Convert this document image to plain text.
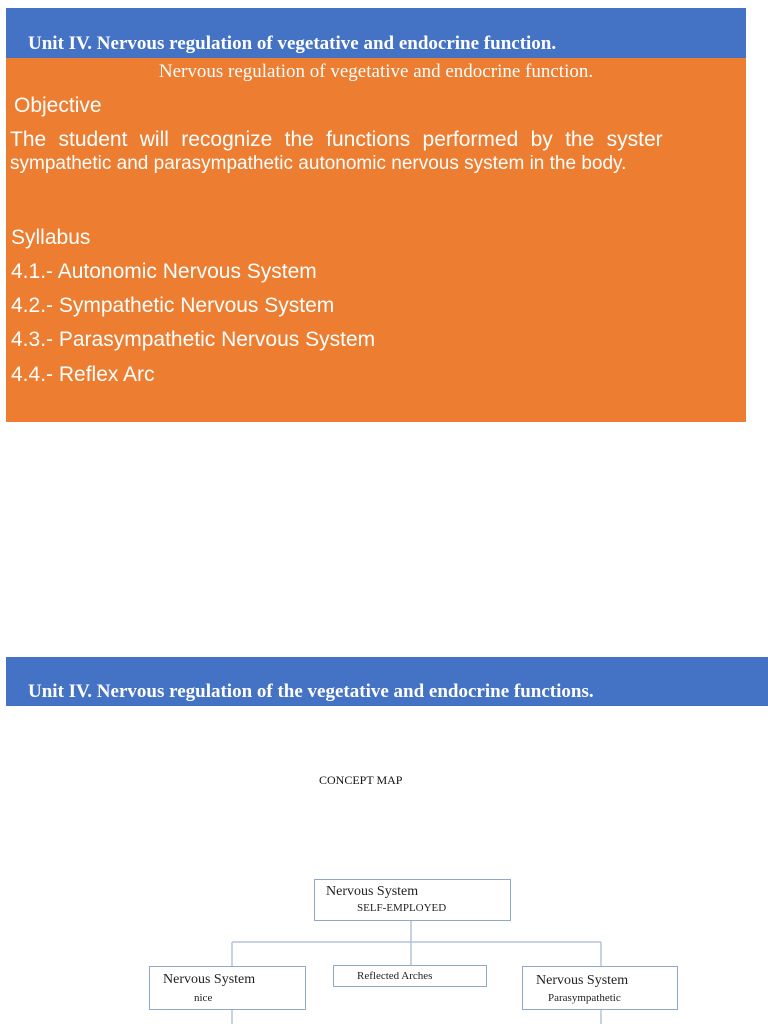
Unit IV. Nervous regulation of vegetative and endocrine function.
Nervous regulation of vegetative and endocrine function.
Objective
The student will recognize the functions performed by the syster
sympathetic and parasympathetic autonomic nervous system in the body.
Syllabus
4.1.- Autonomic Nervous System
4.2.- Sympathetic Nervous System
4.3.- Parasympathetic Nervous System
4.4.- Reflex Arc
Unit IV. Nervous regulation of the vegetative and endocrine functions.
CONCEPT MAP
Nervous System
SELF-EMPLOYED
Nervous System
nice
Reflected Arches	Nervous System
Parasympathetic
